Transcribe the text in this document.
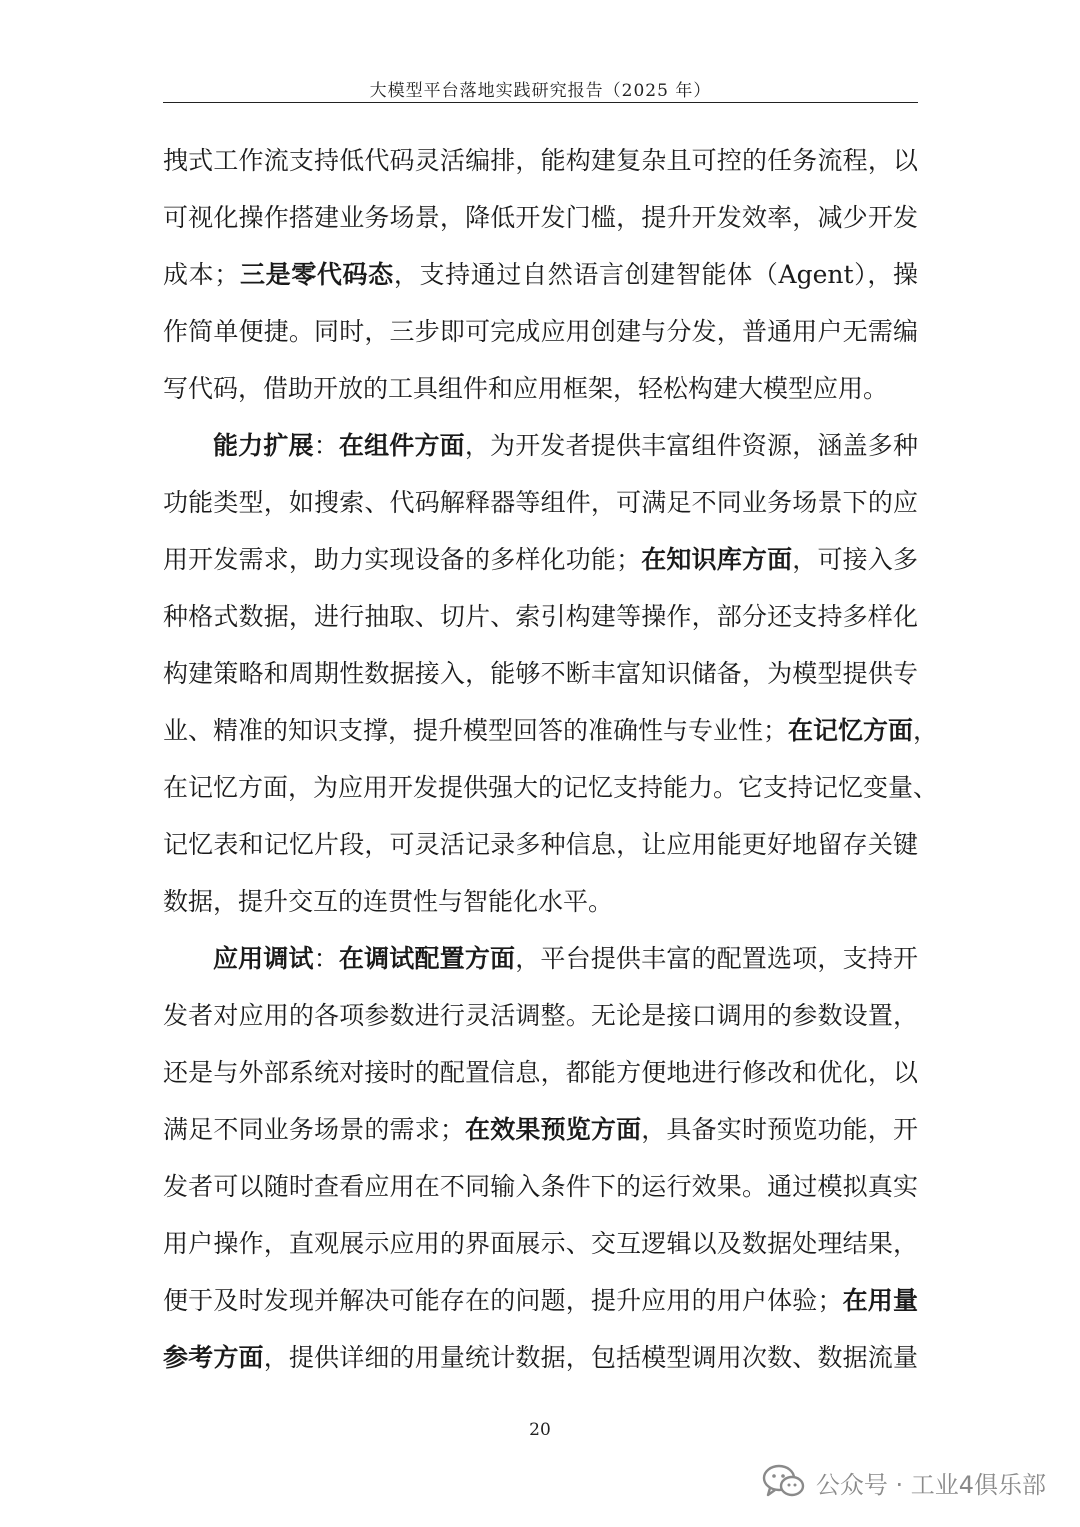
大模型平台落地实践研究报告（2025 年）
拽式工作流支持低代码灵活编排，能构建复杂且可控的任务流程，以
可视化操作搭建业务场景，降低开发门槛，提升开发效率，减少开发
成本；三是零代码态，支持通过自然语言创建智能体（Agent），操
作简单便捷。同时，三步即可完成应用创建与分发，普通用户无需编
写代码，借助开放的工具组件和应用框架，轻松构建大模型应用。
能力扩展：在组件方面，为开发者提供丰富组件资源，涵盖多种
功能类型，如搜索、代码解释器等组件，可满足不同业务场景下的应
用开发需求，助力实现设备的多样化功能；在知识库方面，可接入多
种格式数据，进行抽取、切片、索引构建等操作，部分还支持多样化
构建策略和周期性数据接入，能够不断丰富知识储备，为模型提供专
业、精准的知识支撑，提升模型回答的准确性与专业性；在记忆方面，
在记忆方面，为应用开发提供强大的记忆支持能力。它支持记忆变量、
记忆表和记忆片段，可灵活记录多种信息，让应用能更好地留存关键
数据，提升交互的连贯性与智能化水平。
应用调试：在调试配置方面，平台提供丰富的配置选项，支持开
发者对应用的各项参数进行灵活调整。无论是接口调用的参数设置，
还是与外部系统对接时的配置信息，都能方便地进行修改和优化，以
满足不同业务场景的需求；在效果预览方面，具备实时预览功能，开
发者可以随时查看应用在不同输入条件下的运行效果。通过模拟真实
用户操作，直观展示应用的界面展示、交互逻辑以及数据处理结果，
便于及时发现并解决可能存在的问题，提升应用的用户体验；在用量
参考方面，提供详细的用量统计数据，包括模型调用次数、数据流量
20
公众号 · 工业4俱乐部
